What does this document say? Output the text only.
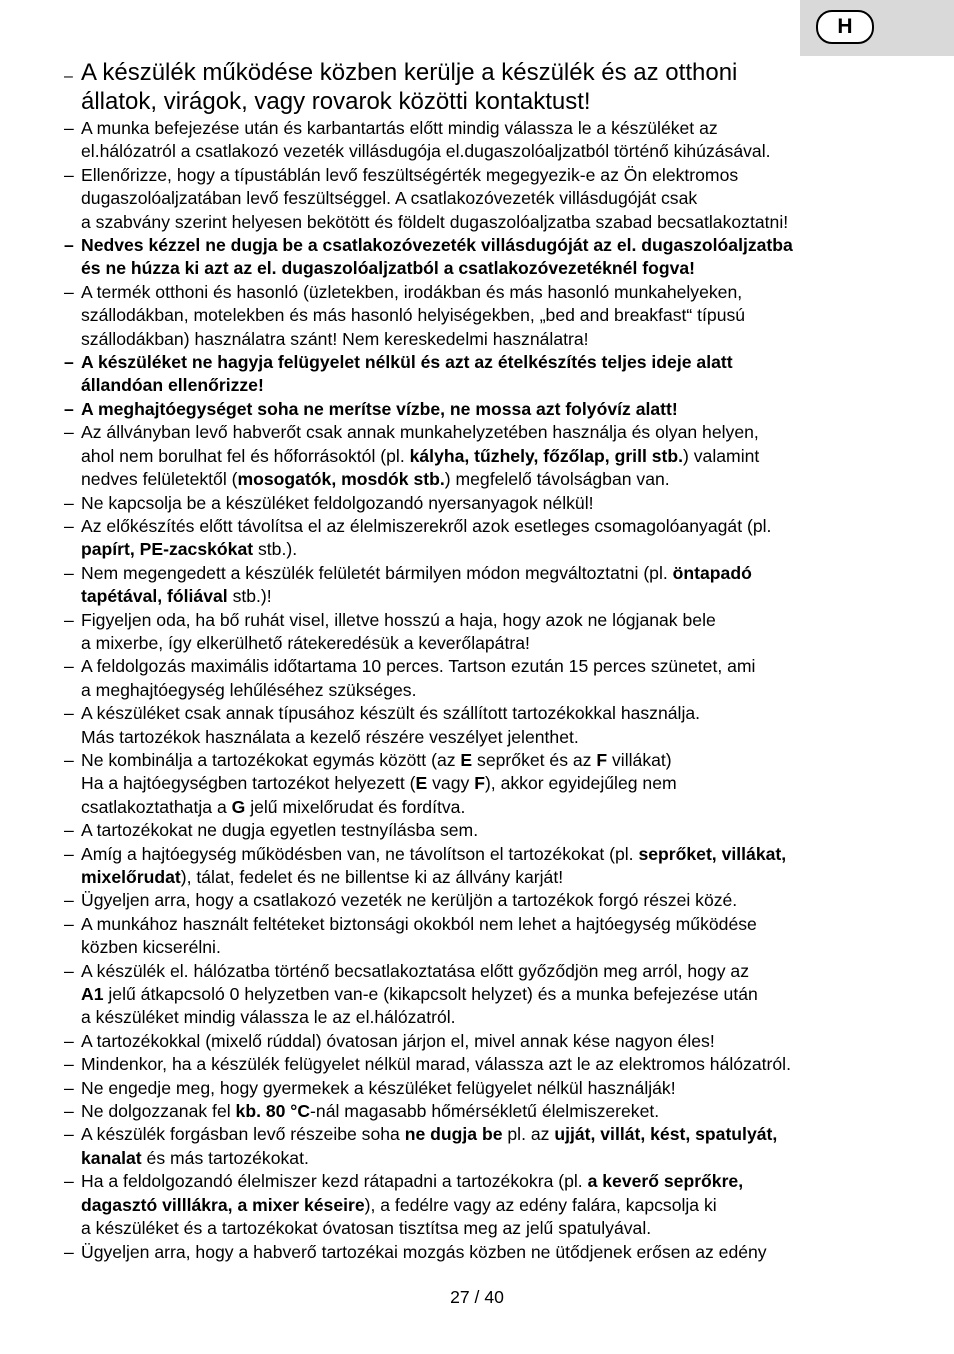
H
– A készülék működése közben kerülje a készülék és az otthoni
állatok, virágok, vagy rovarok közötti kontaktust!
– A munka befejezése után és karbantartás előtt mindig válassza le a készüléket az
el.hálózatról a csatlakozó vezeték villásdugója el.dugaszolóaljzatból történő kihúzásával.
– Ellenőrizze, hogy a típustáblán levő feszültségérték megegyezik-e az Ön elektromos
dugaszolóaljzatában levő feszültséggel. A csatlakozóvezeték villásdugóját csak
a szabvány szerint helyesen bekötött és földelt dugaszolóaljzatba szabad becsatlakoztatni!
– Nedves kézzel ne dugja be a csatlakozóvezeték villásdugóját az el. dugaszolóaljzatba
és ne húzza ki azt az el. dugaszolóaljzatból a csatlakozóvezetéknél fogva!
– A termék otthoni és hasonló (üzletekben, irodákban és más hasonló munkahelyeken,
szállodákban, motelekben és más hasonló helyiségekben, „bed and breakfast“ típusú
szállodákban) használatra szánt! Nem kereskedelmi használatra!
– A készüléket ne hagyja felügyelet nélkül és azt az ételkészítés teljes ideje alatt
állandóan ellenőrizze!
– A meghajtóegységet soha ne merítse vízbe, ne mossa azt folyóvíz alatt!
– Az állványban levő habverőt csak annak munkahelyzetében használja és olyan helyen,
ahol nem borulhat fel és hőforrásoktól (pl. kályha, tűzhely, főzőlap, grill stb.) valamint
nedves felületektől (mosogatók, mosdók stb.) megfelelő távolságban van.
– Ne kapcsolja be a készüléket feldolgozandó nyersanyagok nélkül!
– Az előkészítés előtt távolítsa el az élelmiszerekről azok esetleges csomagolóanyagát (pl.
papírt, PE-zacskókat stb.).
– Nem megengedett a készülék felületét bármilyen módon megváltoztatni (pl. öntapadó
tapétával, fóliával stb.)!
– Figyeljen oda, ha bő ruhát visel, illetve hosszú a haja, hogy azok ne lógjanak bele
a mixerbe, így elkerülhető rátekeredésük a keverőlapátra!
– A feldolgozás maximális időtartama 10 perces. Tartson ezután 15 perces szünetet, ami
a meghajtóegység lehűléséhez szükséges.
– A készüléket csak annak típusához készült és szállított tartozékokkal használja.
Más tartozékok használata a kezelő részére veszélyet jelenthet.
– Ne kombinálja a tartozékokat egymás között (az E seprőket és az F villákat)
Ha a hajtóegységben tartozékot helyezett (E vagy F), akkor egyidejűleg nem
csatlakoztathatja a G jelű mixelőrudat és fordítva.
– A tartozékokat ne dugja egyetlen testnyílásba sem.
– Amíg a hajtóegység működésben van, ne távolítson el tartozékokat (pl. seprőket, villákat,
mixelőrudat), tálat, fedelet és ne billentse ki az állvány karját!
– Ügyeljen arra, hogy a csatlakozó vezeték ne kerüljön a tartozékok forgó részei közé.
– A munkához használt feltéteket biztonsági okokból nem lehet a hajtóegység működése
közben kicserélni.
– A készülék el. hálózatba történő becsatlakoztatása előtt győződjön meg arról, hogy az
A1 jelű átkapcsoló 0 helyzetben van-e (kikapcsolt helyzet) és a munka befejezése után
a készüléket mindig válassza le az el.hálózatról.
– A tartozékokkal (mixelő rúddal) óvatosan járjon el, mivel annak kése nagyon éles!
– Mindenkor, ha a készülék felügyelet nélkül marad, válassza azt le az elektromos hálózatról.
– Ne engedje meg, hogy gyermekek a készüléket felügyelet nélkül használják!
– Ne dolgozzanak fel kb. 80 °C-nál magasabb hőmérsékletű élelmiszereket.
– A készülék forgásban levő részeibe soha ne dugja be pl. az ujját, villát, kést, spatulyát,
kanalat és más tartozékokat.
– Ha a feldolgozandó élelmiszer kezd rátapadni a tartozékokra (pl. a keverő seprőkre,
dagasztó villlákra, a mixer késeire), a fedélre vagy az edény falára, kapcsolja ki
a készüléket és a tartozékokat óvatosan tisztítsa meg az jelű spatulyával.
– Ügyeljen arra, hogy a habverő tartozékai mozgás közben ne ütődjenek erősen az edény
27 / 40
